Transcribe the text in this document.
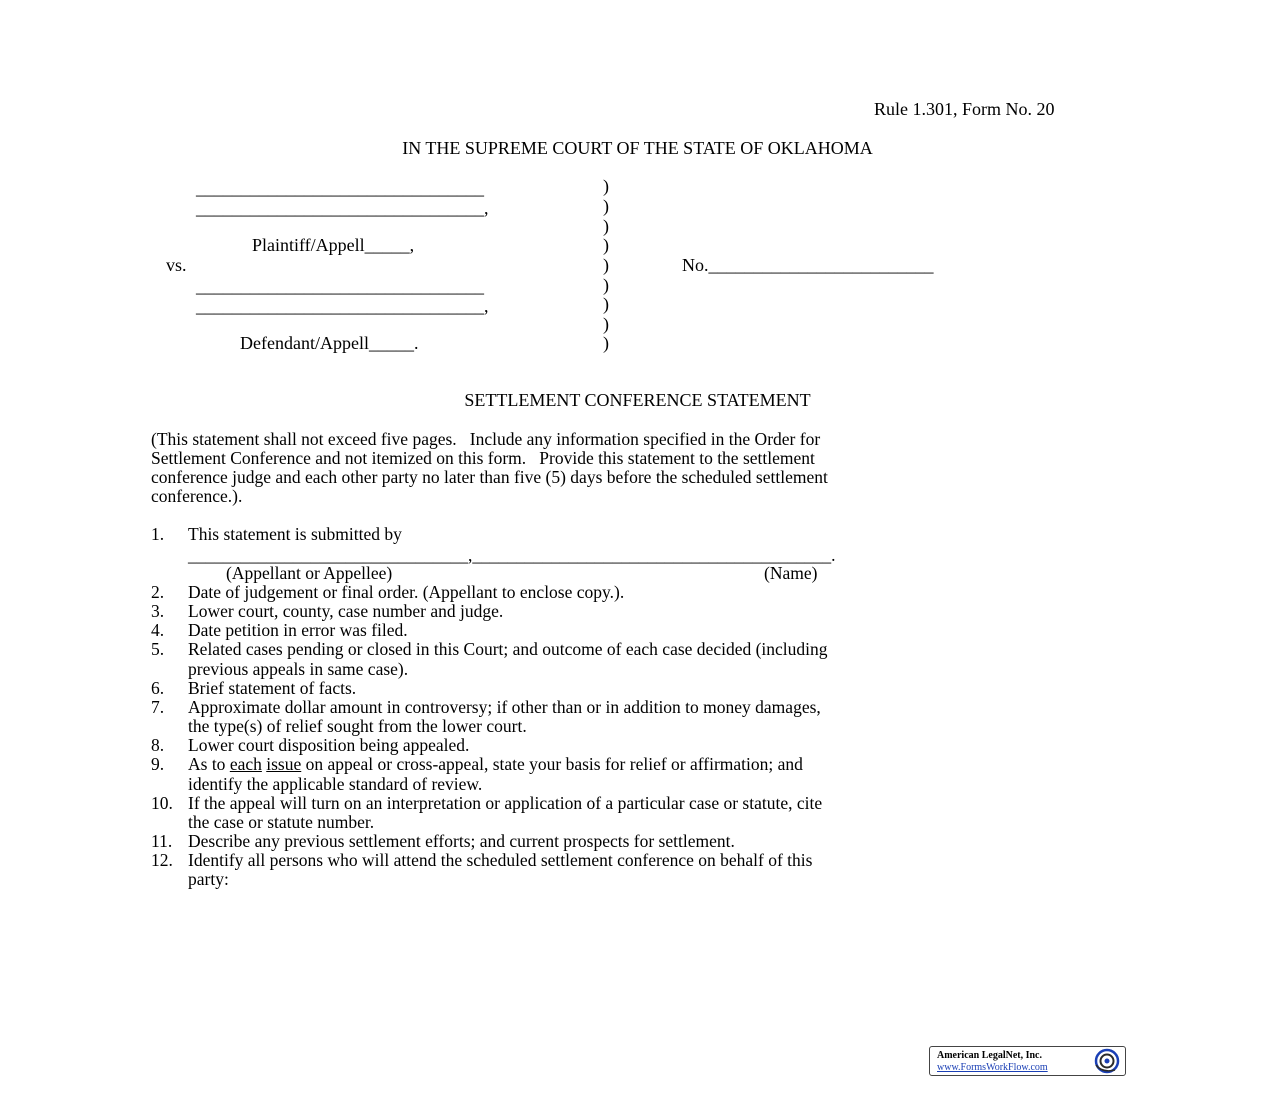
Rule 1.301, Form No. 20
IN THE SUPREME COURT OF THE STATE OF OKLAHOMA
________________________________
________________________________,
Plaintiff/Appell_____,
vs.
________________________________
________________________________,
Defendant/Appell_____.
)
)
)
)
)
)
)
)
)
No._________________________
SETTLEMENT CONFERENCE STATEMENT
(This statement shall not exceed five pages.   Include any information specified in the Order for
Settlement Conference and not itemized on this form.   Provide this statement to the settlement
conference judge and each other party no later than five (5) days before the scheduled settlement
conference.).
1. This statement is submitted by
________________________________,_________________________________________.
(Appellant or Appellee)	(Name)
2. Date of judgement or final order. (Appellant to enclose copy.).
3. Lower court, county, case number and judge.
4. Date petition in error was filed.
5. Related cases pending or closed in this Court; and outcome of each case decided (including
previous appeals in same case).
6. Brief statement of facts.
7. Approximate dollar amount in controversy; if other than or in addition to money damages,
the type(s) of relief sought from the lower court.
8. Lower court disposition being appealed.
9. As to each issue on appeal or cross-appeal, state your basis for relief or affirmation; and
identify the applicable standard of review.
10. If the appeal will turn on an interpretation or application of a particular case or statute, cite
the case or statute number.
11. Describe any previous settlement efforts; and current prospects for settlement.
12. Identify all persons who will attend the scheduled settlement conference on behalf of this
party:
American LegalNet, Inc.
www.FormsWorkFlow.com
